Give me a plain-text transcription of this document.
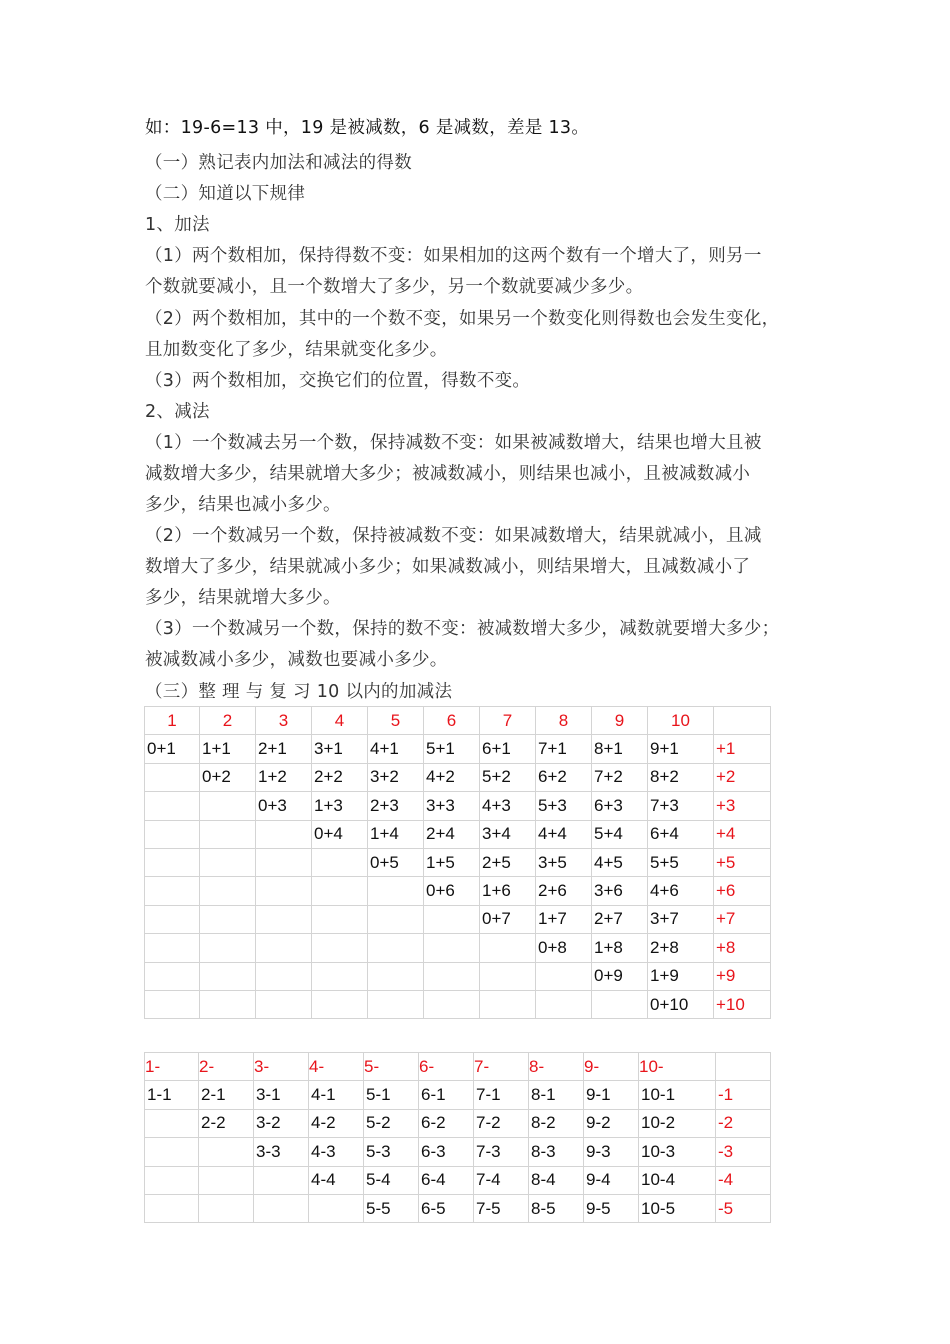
如：19-6=13 中，19 是被减数，6 是减数，差是 13。
（一）熟记表内加法和减法的得数
（二）知道以下规律
1、加法
（1）两个数相加，保持得数不变：如果相加的这两个数有一个增大了，则另一
个数就要减小，且一个数增大了多少，另一个数就要减少多少。
（2）两个数相加，其中的一个数不变，如果另一个数变化则得数也会发生变化，
且加数变化了多少，结果就变化多少。
（3）两个数相加，交换它们的位置，得数不变。
2、减法
（1）一个数减去另一个数，保持减数不变：如果被减数增大，结果也增大且被
减数增大多少，结果就增大多少；被减数减小，则结果也减小，且被减数减小
多少，结果也减小多少。
（2）一个数减另一个数，保持被减数不变：如果减数增大，结果就减小，且减
数增大了多少，结果就减小多少；如果减数减小，则结果增大，且减数减小了
多少，结果就增大多少。
（3）一个数减另一个数，保持的数不变：被减数增大多少，减数就要增大多少；
被减数减小多少，减数也要减小多少。
（三）整 理 与 复 习 10 以内的加减法
1	2	3	4	5	6	7	8	9	10	
0+1	1+1	2+1	3+1	4+1	5+1	6+1	7+1	8+1	9+1	+1
	0+2	1+2	2+2	3+2	4+2	5+2	6+2	7+2	8+2	+2
		0+3	1+3	2+3	3+3	4+3	5+3	6+3	7+3	+3
			0+4	1+4	2+4	3+4	4+4	5+4	6+4	+4
				0+5	1+5	2+5	3+5	4+5	5+5	+5
					0+6	1+6	2+6	3+6	4+6	+6
						0+7	1+7	2+7	3+7	+7
							0+8	1+8	2+8	+8
								0+9	1+9	+9
									0+10	+10
1-	2-	3-	4-	5-	6-	7-	8-	9-	10-	
1-1	2-1	3-1	4-1	5-1	6-1	7-1	8-1	9-1	10-1	-1
	2-2	3-2	4-2	5-2	6-2	7-2	8-2	9-2	10-2	-2
		3-3	4-3	5-3	6-3	7-3	8-3	9-3	10-3	-3
			4-4	5-4	6-4	7-4	8-4	9-4	10-4	-4
				5-5	6-5	7-5	8-5	9-5	10-5	-5
